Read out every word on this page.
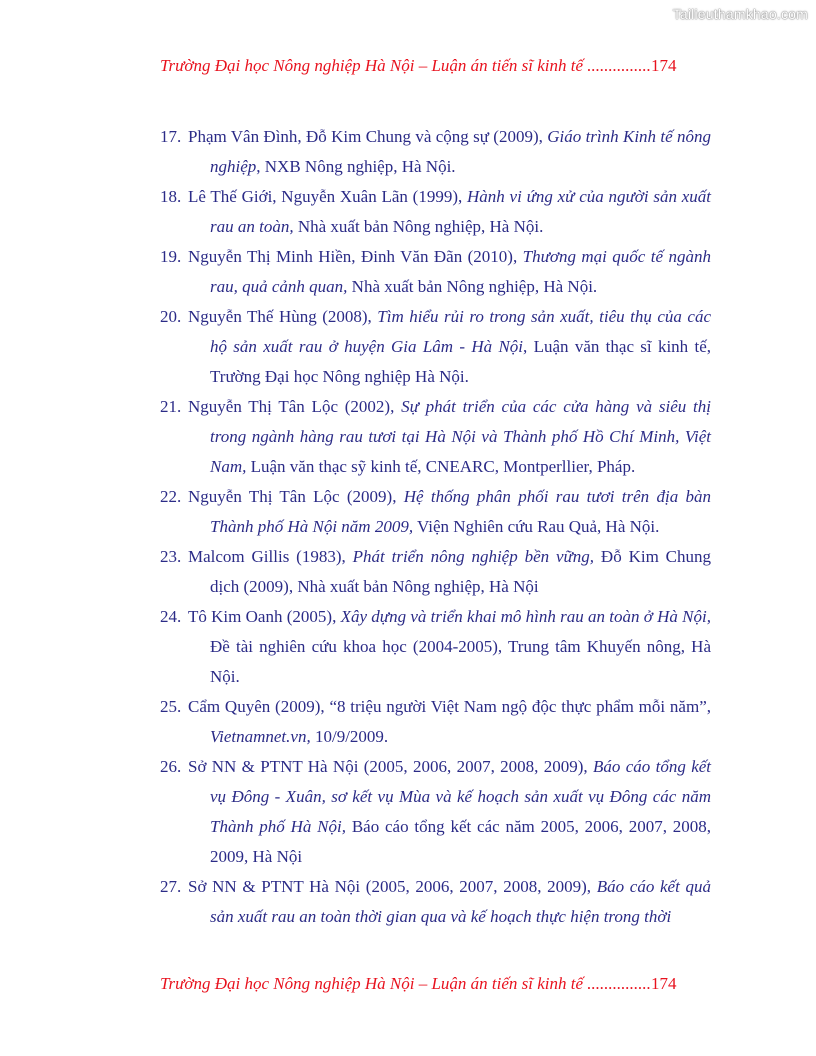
Tailieuthamkhao.com
Trường Đại học Nông nghiệp Hà Nội – Luận án tiến sĩ kinh tế ...............174
17. Phạm Vân Đình, Đỗ Kim Chung và cộng sự (2009), Giáo trình Kinh tế nông nghiệp, NXB Nông nghiệp, Hà Nội.
18. Lê Thế Giới, Nguyễn Xuân Lãn (1999), Hành vi ứng xử của người sản xuất rau an toàn, Nhà xuất bản Nông nghiệp, Hà Nội.
19. Nguyễn Thị Minh Hiền, Đinh Văn Đãn (2010), Thương mại quốc tế ngành rau, quả cảnh quan, Nhà xuất bản Nông nghiệp, Hà Nội.
20. Nguyễn Thế Hùng (2008), Tìm hiểu rủi ro trong sản xuất, tiêu thụ của các hộ sản xuất rau ở huyện Gia Lâm - Hà Nội, Luận văn thạc sĩ kinh tế, Trường Đại học Nông nghiệp Hà Nội.
21. Nguyễn Thị Tân Lộc (2002), Sự phát triển của các cửa hàng và siêu thị trong ngành hàng rau tươi tại Hà Nội và Thành phố Hồ Chí Minh, Việt Nam, Luận văn thạc sỹ kinh tế, CNEARC, Montperllier, Pháp.
22. Nguyễn Thị Tân Lộc (2009), Hệ thống phân phối rau tươi trên địa bàn Thành phố Hà Nội năm 2009, Viện Nghiên cứu Rau Quả, Hà Nội.
23. Malcom Gillis (1983), Phát triển nông nghiệp bền vững, Đỗ Kim Chung dịch (2009), Nhà xuất bản Nông nghiệp, Hà Nội
24. Tô Kim Oanh (2005), Xây dựng và triển khai mô hình rau an toàn ở Hà Nội, Đề tài nghiên cứu khoa học (2004-2005), Trung tâm Khuyến nông, Hà Nội.
25. Cẩm Quyên (2009), “8 triệu người Việt Nam ngộ độc thực phẩm mỗi năm”, Vietnamnet.vn, 10/9/2009.
26. Sở NN & PTNT Hà Nội (2005, 2006, 2007, 2008, 2009), Báo cáo tổng kết vụ Đông - Xuân, sơ kết vụ Mùa và kế hoạch sản xuất vụ Đông các năm Thành phố Hà Nội, Báo cáo tổng kết các năm 2005, 2006, 2007, 2008, 2009, Hà Nội
27. Sở NN & PTNT Hà Nội (2005, 2006, 2007, 2008, 2009), Báo cáo kết quả sản xuất rau an toàn thời gian qua và kế hoạch thực hiện trong thời
Trường Đại học Nông nghiệp Hà Nội – Luận án tiến sĩ kinh tế ...............174
